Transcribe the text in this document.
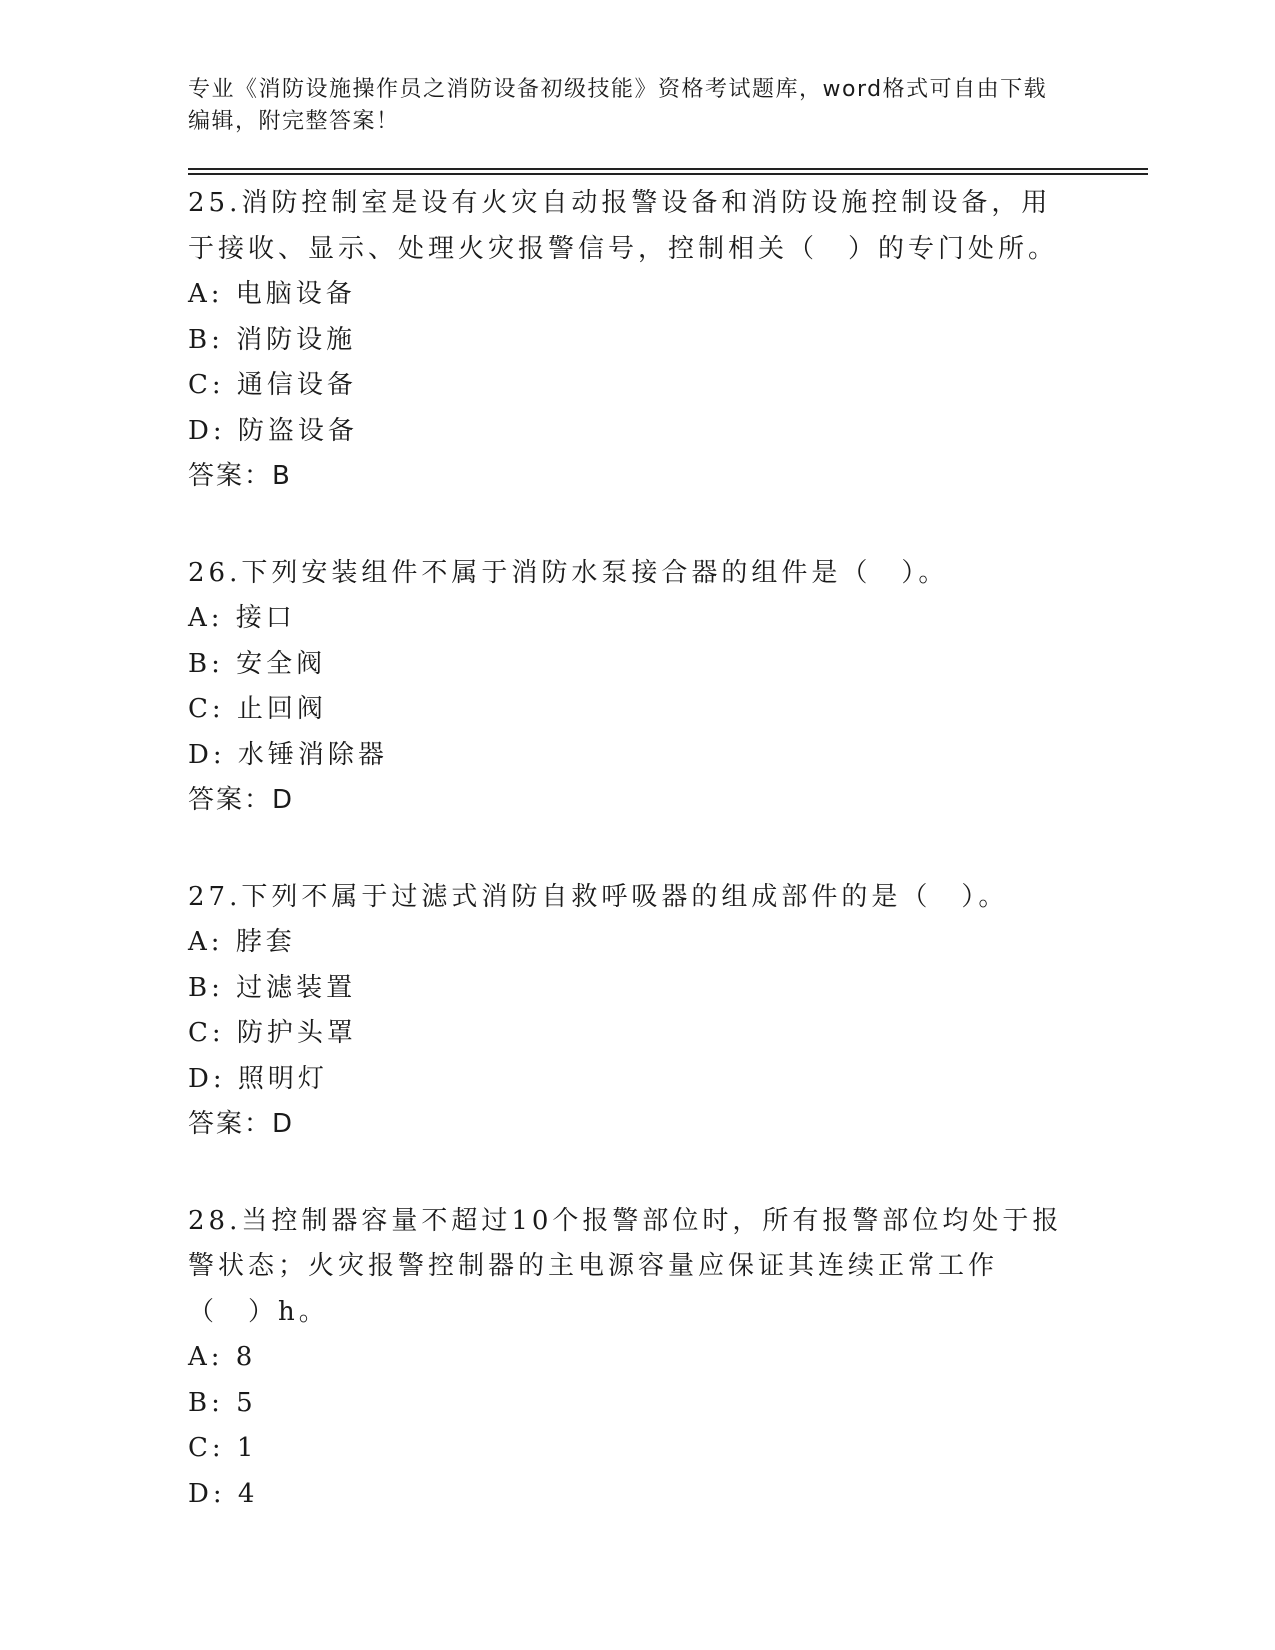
专业《消防设施操作员之消防设备初级技能》资格考试题库，word格式可自由下载编辑，附完整答案！

25.消防控制室是设有火灾自动报警设备和消防设施控制设备，用于接收、显示、处理火灾报警信号，控制相关（　）的专门处所。

A: 电脑设备

B: 消防设施

C: 通信设备

D: 防盗设备

答案：B

26.下列安装组件不属于消防水泵接合器的组件是（　）。

A: 接口

B: 安全阀

C: 止回阀

D: 水锤消除器

答案：D

27.下列不属于过滤式消防自救呼吸器的组成部件的是（　）。

A: 脖套

B: 过滤装置

C: 防护头罩

D: 照明灯

答案：D

28.当控制器容量不超过10个报警部位时，所有报警部位均处于报警状态；火灾报警控制器的主电源容量应保证其连续正常工作（　）h。

A: 8

B: 5

C: 1

D: 4
